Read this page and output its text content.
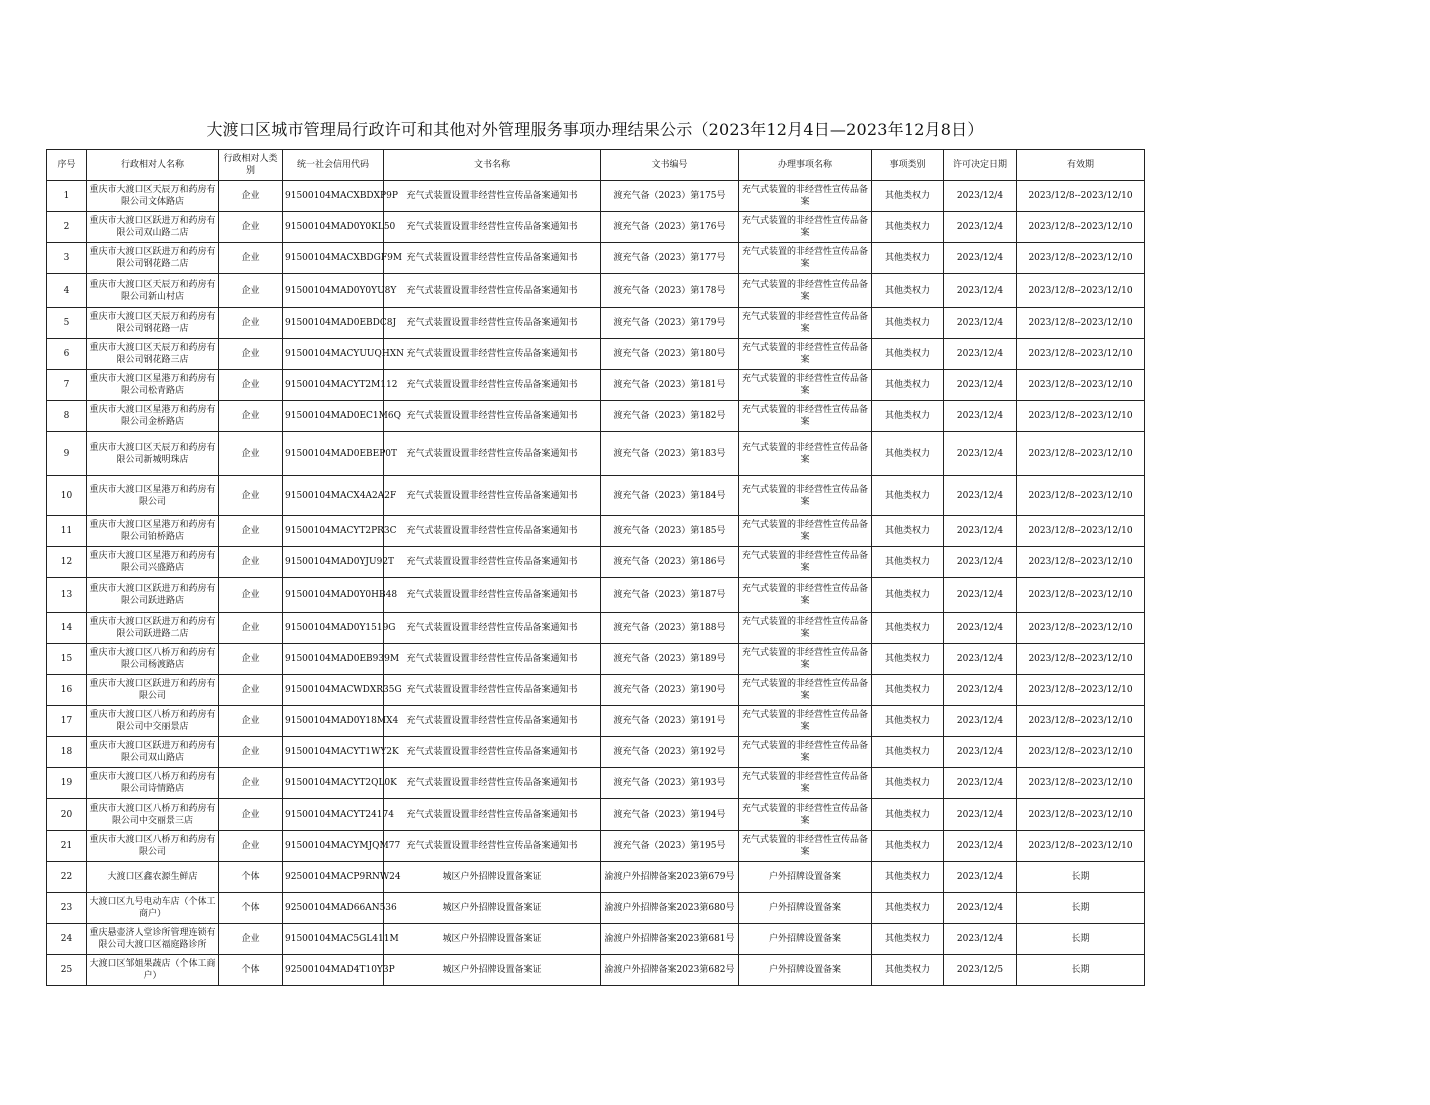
大渡口区城市管理局行政许可和其他对外管理服务事项办理结果公示（2023年12月4日—2023年12月8日）
序号	行政相对人名称	行政相对人类别	统一社会信用代码	文书名称	文书编号	办理事项名称	事项类别	许可决定日期	有效期
1	重庆市大渡口区天辰万和药房有限公司文体路店	企业	91500104MACXBDXP9P	充气式装置设置非经营性宣传品备案通知书	渡充气备（2023）第175号	充气式装置的非经营性宣传品备案	其他类权力	2023/12/4	2023/12/8--2023/12/10
2	重庆市大渡口区跃进万和药房有限公司双山路二店	企业	91500104MAD0Y0KL50	充气式装置设置非经营性宣传品备案通知书	渡充气备（2023）第176号	充气式装置的非经营性宣传品备案	其他类权力	2023/12/4	2023/12/8--2023/12/10
3	重庆市大渡口区跃进万和药房有限公司钢花路二店	企业	91500104MACXBDGF9M	充气式装置设置非经营性宣传品备案通知书	渡充气备（2023）第177号	充气式装置的非经营性宣传品备案	其他类权力	2023/12/4	2023/12/8--2023/12/10
4	重庆市大渡口区天辰万和药房有限公司新山村店	企业	91500104MAD0Y0YU8Y	充气式装置设置非经营性宣传品备案通知书	渡充气备（2023）第178号	充气式装置的非经营性宣传品备案	其他类权力	2023/12/4	2023/12/8--2023/12/10
5	重庆市大渡口区天辰万和药房有限公司钢花路一店	企业	91500104MAD0EBDC8J	充气式装置设置非经营性宣传品备案通知书	渡充气备（2023）第179号	充气式装置的非经营性宣传品备案	其他类权力	2023/12/4	2023/12/8--2023/12/10
6	重庆市大渡口区天辰万和药房有限公司钢花路三店	企业	91500104MACYUUQHXN	充气式装置设置非经营性宣传品备案通知书	渡充气备（2023）第180号	充气式装置的非经营性宣传品备案	其他类权力	2023/12/4	2023/12/8--2023/12/10
7	重庆市大渡口区星港万和药房有限公司松青路店	企业	91500104MACYT2M112	充气式装置设置非经营性宣传品备案通知书	渡充气备（2023）第181号	充气式装置的非经营性宣传品备案	其他类权力	2023/12/4	2023/12/8--2023/12/10
8	重庆市大渡口区星港万和药房有限公司金桥路店	企业	91500104MAD0EC1M6Q	充气式装置设置非经营性宣传品备案通知书	渡充气备（2023）第182号	充气式装置的非经营性宣传品备案	其他类权力	2023/12/4	2023/12/8--2023/12/10
9	重庆市大渡口区天辰万和药房有限公司新城明珠店	企业	91500104MAD0EBEP0T	充气式装置设置非经营性宣传品备案通知书	渡充气备（2023）第183号	充气式装置的非经营性宣传品备案	其他类权力	2023/12/4	2023/12/8--2023/12/10
10	重庆市大渡口区星港万和药房有限公司	企业	91500104MACX4A2A2F	充气式装置设置非经营性宣传品备案通知书	渡充气备（2023）第184号	充气式装置的非经营性宣传品备案	其他类权力	2023/12/4	2023/12/8--2023/12/10
11	重庆市大渡口区星港万和药房有限公司铂桥路店	企业	91500104MACYT2PR3C	充气式装置设置非经营性宣传品备案通知书	渡充气备（2023）第185号	充气式装置的非经营性宣传品备案	其他类权力	2023/12/4	2023/12/8--2023/12/10
12	重庆市大渡口区星港万和药房有限公司兴盛路店	企业	91500104MAD0YJU92T	充气式装置设置非经营性宣传品备案通知书	渡充气备（2023）第186号	充气式装置的非经营性宣传品备案	其他类权力	2023/12/4	2023/12/8--2023/12/10
13	重庆市大渡口区跃进万和药房有限公司跃进路店	企业	91500104MAD0Y0HB48	充气式装置设置非经营性宣传品备案通知书	渡充气备（2023）第187号	充气式装置的非经营性宣传品备案	其他类权力	2023/12/4	2023/12/8--2023/12/10
14	重庆市大渡口区跃进万和药房有限公司跃进路二店	企业	91500104MAD0Y1519G	充气式装置设置非经营性宣传品备案通知书	渡充气备（2023）第188号	充气式装置的非经营性宣传品备案	其他类权力	2023/12/4	2023/12/8--2023/12/10
15	重庆市大渡口区八桥万和药房有限公司杨渡路店	企业	91500104MAD0EB939M	充气式装置设置非经营性宣传品备案通知书	渡充气备（2023）第189号	充气式装置的非经营性宣传品备案	其他类权力	2023/12/4	2023/12/8--2023/12/10
16	重庆市大渡口区跃进万和药房有限公司	企业	91500104MACWDXR35G	充气式装置设置非经营性宣传品备案通知书	渡充气备（2023）第190号	充气式装置的非经营性宣传品备案	其他类权力	2023/12/4	2023/12/8--2023/12/10
17	重庆市大渡口区八桥万和药房有限公司中交丽景店	企业	91500104MAD0Y18MX4	充气式装置设置非经营性宣传品备案通知书	渡充气备（2023）第191号	充气式装置的非经营性宣传品备案	其他类权力	2023/12/4	2023/12/8--2023/12/10
18	重庆市大渡口区跃进万和药房有限公司双山路店	企业	91500104MACYT1WY2K	充气式装置设置非经营性宣传品备案通知书	渡充气备（2023）第192号	充气式装置的非经营性宣传品备案	其他类权力	2023/12/4	2023/12/8--2023/12/10
19	重庆市大渡口区八桥万和药房有限公司诗情路店	企业	91500104MACYT2QL0K	充气式装置设置非经营性宣传品备案通知书	渡充气备（2023）第193号	充气式装置的非经营性宣传品备案	其他类权力	2023/12/4	2023/12/8--2023/12/10
20	重庆市大渡口区八桥万和药房有限公司中交丽景三店	企业	91500104MACYT24174	充气式装置设置非经营性宣传品备案通知书	渡充气备（2023）第194号	充气式装置的非经营性宣传品备案	其他类权力	2023/12/4	2023/12/8--2023/12/10
21	重庆市大渡口区八桥万和药房有限公司	企业	91500104MACYMJQM77	充气式装置设置非经营性宣传品备案通知书	渡充气备（2023）第195号	充气式装置的非经营性宣传品备案	其他类权力	2023/12/4	2023/12/8--2023/12/10
22	大渡口区鑫农源生鲜店	个体	92500104MACP9RNW24	城区户外招牌设置备案证	渝渡户外招牌备案2023第679号	户外招牌设置备案	其他类权力	2023/12/4	长期
23	大渡口区九号电动车店（个体工商户）	个体	92500104MAD66AN536	城区户外招牌设置备案证	渝渡户外招牌备案2023第680号	户外招牌设置备案	其他类权力	2023/12/4	长期
24	重庆悬壶济人堂诊所管理连锁有限公司大渡口区福庭路诊所	企业	91500104MAC5GL411M	城区户外招牌设置备案证	渝渡户外招牌备案2023第681号	户外招牌设置备案	其他类权力	2023/12/4	长期
25	大渡口区邹姐果蔬店（个体工商户）	个体	92500104MAD4T10Y3P	城区户外招牌设置备案证	渝渡户外招牌备案2023第682号	户外招牌设置备案	其他类权力	2023/12/5	长期
